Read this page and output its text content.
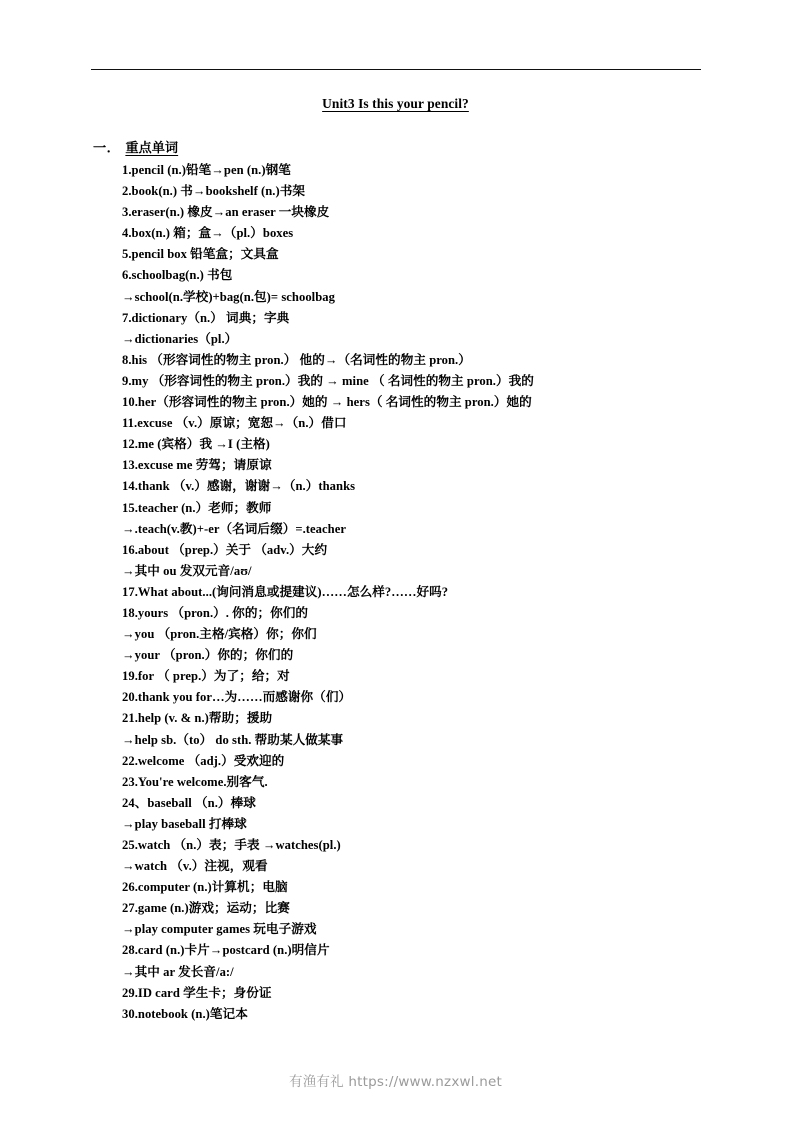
Unit3 Is this your pencil?
一． 重点单词
1.pencil (n.)铅笔→pen (n.)钢笔
2.book(n.) 书→bookshelf (n.)书架
3.eraser(n.) 橡皮→an eraser 一块橡皮
4.box(n.) 箱；盒→（pl.）boxes
5.pencil box 铅笔盒；文具盒
6.schoolbag(n.) 书包
→school(n.学校)+bag(n.包)= schoolbag
7.dictionary（n.） 词典；字典
→dictionaries（pl.）
8.his （形容词性的物主 pron.） 他的→（名词性的物主 pron.）
9.my （形容词性的物主 pron.）我的 → mine （ 名词性的物主 pron.）我的
10.her（形容词性的物主 pron.）她的 → hers（ 名词性的物主 pron.）她的
11.excuse （v.）原谅；宽恕→（n.）借口
12.me (宾格）我 →I (主格)
13.excuse me 劳驾；请原谅
14.thank （v.）感谢，谢谢→（n.）thanks
15.teacher (n.）老师；教师
→.teach(v.教)+-er（名词后缀）=.teacher
16.about （prep.）关于 （adv.）大约
→其中 ou 发双元音/aʊ/
17.What about...(询问消息或提建议)……怎么样?……好吗?
18.yours （pron.）. 你的；你们的
→you （pron.主格/宾格）你；你们
→your （pron.）你的；你们的
19.for （ prep.）为了；给；对
20.thank you for…为……而感谢你（们）
21.help (v. & n.)帮助；援助
→help sb.（to） do sth. 帮助某人做某事
22.welcome （adj.）受欢迎的
23.You're welcome.别客气.
24、baseball （n.）棒球
→play baseball 打棒球
25.watch （n.）表；手表 →watches(pl.)
→watch （v.）注视，观看
26.computer (n.)计算机；电脑
27.game (n.)游戏；运动；比赛
→play computer games 玩电子游戏
28.card (n.)卡片→postcard (n.)明信片
→其中 ar 发长音/a:/
29.ID card 学生卡；身份证
30.notebook (n.)笔记本
有渔有礼 https://www.nzxwl.net
